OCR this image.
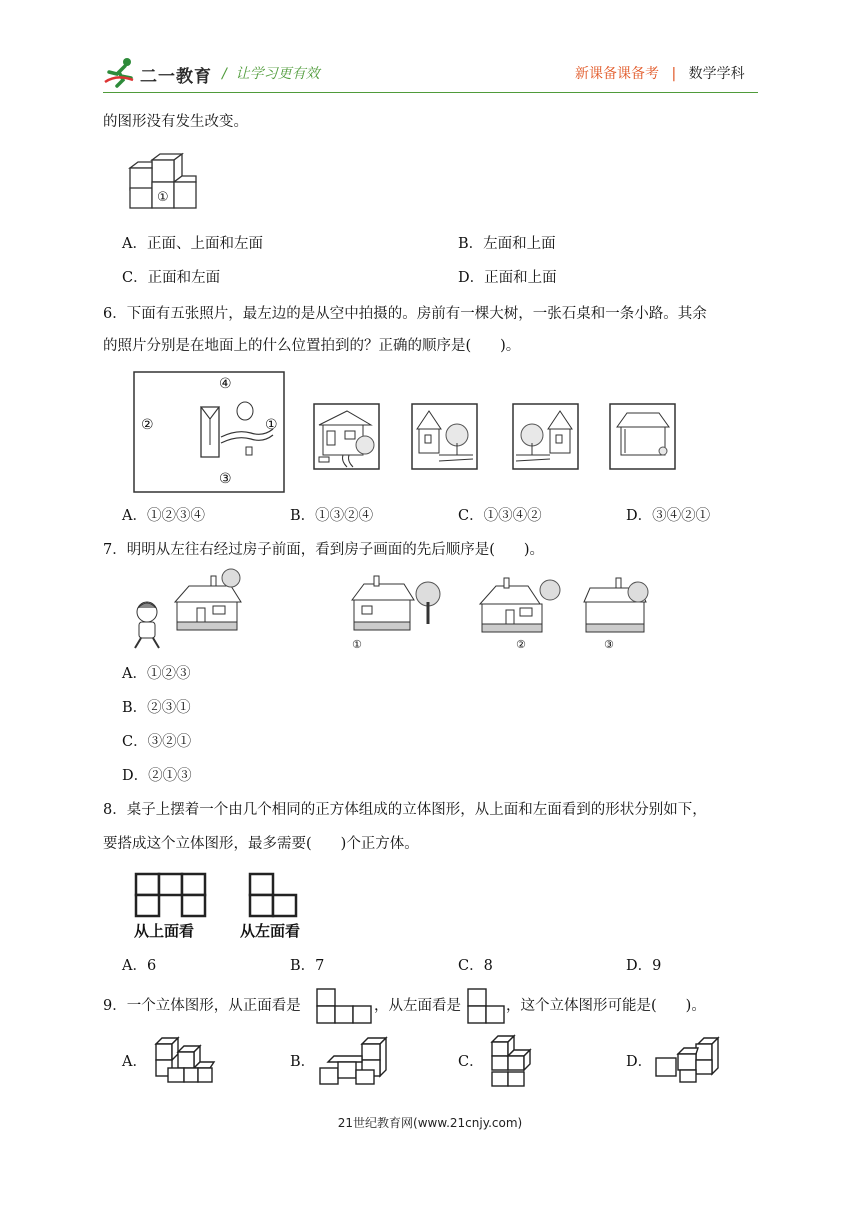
二一教育 /  让学习更有效	新课备课备考 | 数学学科
的图形没有发生改变。
①
A．正面、上面和左面	B．左面和上面
C．正面和左面	D．正面和上面
6．下面有五张照片，最左边的是从空中拍摄的。房前有一棵大树，一张石桌和一条小路。其余
的照片分别是在地面上的什么位置拍到的？正确的顺序是(　　)。
④
②	①
③
A．①②③④	B．①③②④	C．①③④②	D．③④②①
7．明明从左往右经过房子前面，看到房子画面的先后顺序是(　　)。
①	②	③
A．①②③
B．②③①
C．③②①
D．②①③
8．桌子上摆着一个由几个相同的正方体组成的立体图形，从上面和左面看到的形状分别如下，
要搭成这个立体图形，最多需要(　　)个正方体。
从上面看	从左面看
A．6	B．7	C．8	D．9
9．一个立体图形，从正面看是	，从左面看是	，这个立体图形可能是(　　)。
A．	B．	C．	D．
21世纪教育网(www.21cnjy.com)
